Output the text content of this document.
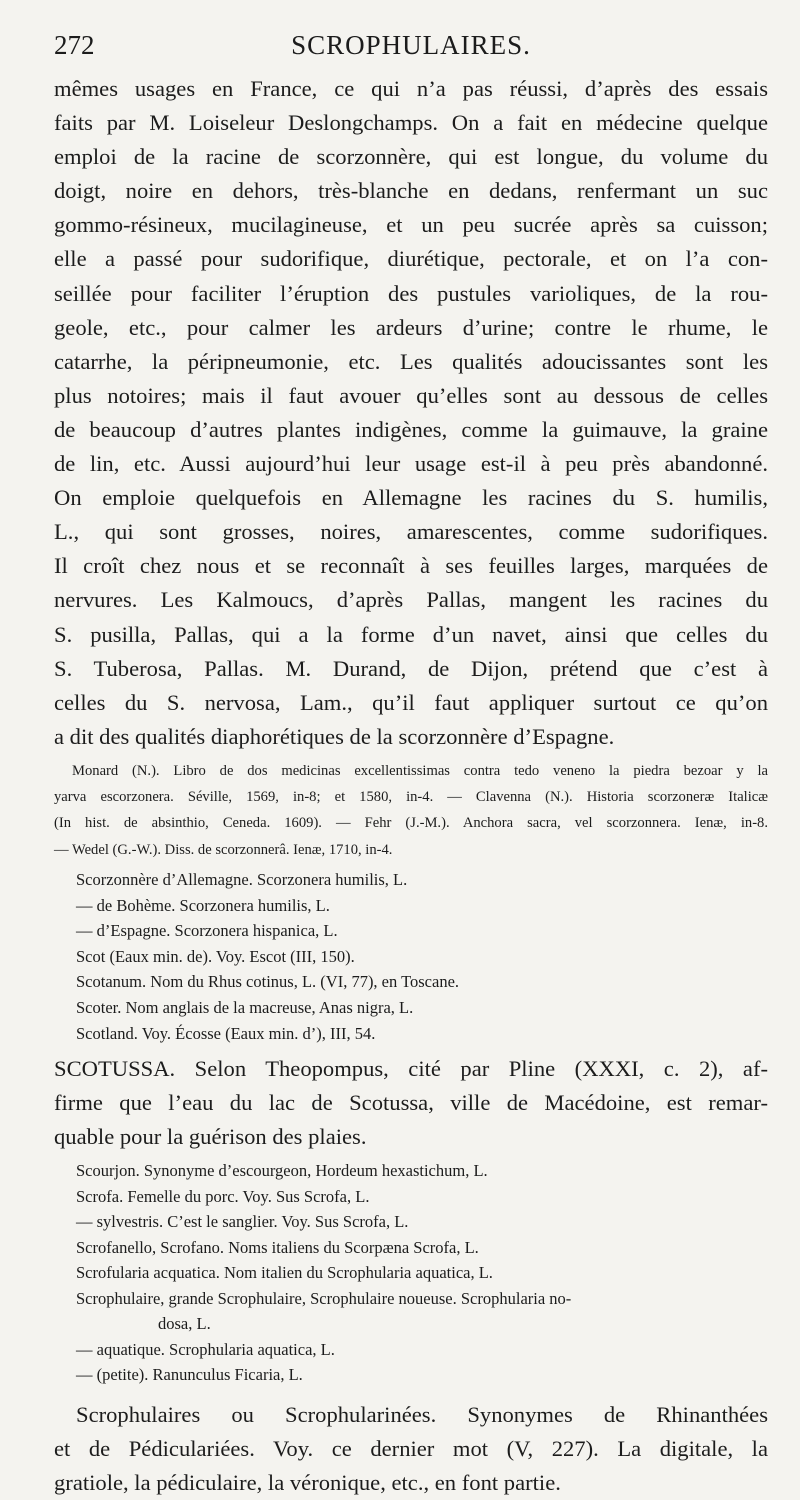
272	SCROPHULAIRES.

mêmes usages en France, ce qui n’a pas réussi, d’après des essais
faits par M. Loiseleur Deslongchamps. On a fait en médecine quelque
emploi de la racine de scorzonnère, qui est longue, du volume du
doigt, noire en dehors, très-blanche en dedans, renfermant un suc
gommo-résineux, mucilagineuse, et un peu sucrée après sa cuisson;
elle a passé pour sudorifique, diurétique, pectorale, et on l’a con-
seillée pour faciliter l’éruption des pustules varioliques, de la rou-
geole, etc., pour calmer les ardeurs d’urine; contre le rhume, le
catarrhe, la péripneumonie, etc. Les qualités adoucissantes sont les
plus notoires; mais il faut avouer qu’elles sont au dessous de celles
de beaucoup d’autres plantes indigènes, comme la guimauve, la graine
de lin, etc. Aussi aujourd’hui leur usage est-il à peu près abandonné.
On emploie quelquefois en Allemagne les racines du S. humilis,
L., qui sont grosses, noires, amarescentes, comme sudorifiques.
Il croît chez nous et se reconnaît à ses feuilles larges, marquées de
nervures. Les Kalmoucs, d’après Pallas, mangent les racines du
S. pusilla, Pallas, qui a la forme d’un navet, ainsi que celles du
S. Tuberosa, Pallas. M. Durand, de Dijon, prétend que c’est à
celles du S. nervosa, Lam., qu’il faut appliquer surtout ce qu’on
a dit des qualités diaphorétiques de la scorzonnère d’Espagne.

Monard (N.). Libro de dos medicinas excellentissimas contra tedo veneno la piedra bezoar y la
yarva escorzonera. Séville, 1569, in-8; et 1580, in-4. — Clavenna (N.). Historia scorzoneræ Italicæ
(In hist. de absinthio, Ceneda. 1609). — Fehr (J.-M.). Anchora sacra, vel scorzonnera. Ienæ, in-8.
— Wedel (G.-W.). Diss. de scorzonnerâ. Ienæ, 1710, in-4.

Scorzonnère d’Allemagne. Scorzonera humilis, L.
— de Bohème. Scorzonera humilis, L.
— d’Espagne. Scorzonera hispanica, L.
Scot (Eaux min. de). Voy. Escot (III, 150).
Scotanum. Nom du Rhus cotinus, L. (VI, 77), en Toscane.
Scoter. Nom anglais de la macreuse, Anas nigra, L.
Scotland. Voy. Écosse (Eaux min. d’), III, 54.

SCOTUSSA. Selon Theopompus, cité par Pline (XXXI, c. 2), af-
firme que l’eau du lac de Scotussa, ville de Macédoine, est remar-
quable pour la guérison des plaies.

Scourjon. Synonyme d’escourgeon, Hordeum hexastichum, L.
Scrofa. Femelle du porc. Voy. Sus Scrofa, L.
— sylvestris. C’est le sanglier. Voy. Sus Scrofa, L.
Scrofanello, Scrofano. Noms italiens du Scorpæna Scrofa, L.
Scrofularia acquatica. Nom italien du Scrophularia aquatica, L.
Scrophulaire, grande Scrophulaire, Scrophulaire noueuse. Scrophularia no-
dosa, L.
— aquatique. Scrophularia aquatica, L.
— (petite). Ranunculus Ficaria, L.

Scrophulaires ou Scrophularinées. Synonymes de Rhinanthées
et de Pédiculariées. Voy. ce dernier mot (V, 227). La digitale, la
gratiole, la pédiculaire, la véronique, etc., en font partie.
